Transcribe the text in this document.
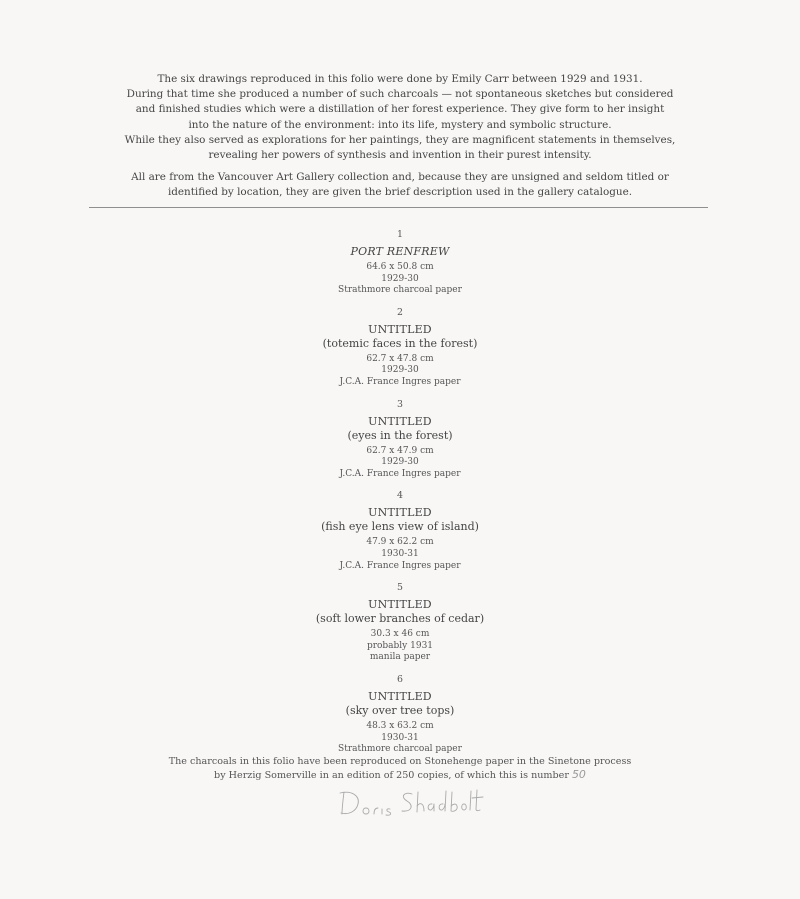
The six drawings reproduced in this folio were done by Emily Carr between 1929 and 1931.
During that time she produced a number of such charcoals — not spontaneous sketches but considered
and finished studies which were a distillation of her forest experience. They give form to her insight
into the nature of the environment: into its life, mystery and symbolic structure.
While they also served as explorations for her paintings, they are magnificent statements in themselves,
revealing her powers of synthesis and invention in their purest intensity.
All are from the Vancouver Art Gallery collection and, because they are unsigned and seldom titled or
identified by location, they are given the brief description used in the gallery catalogue.
1
PORT RENFREW
64.6 x 50.8 cm
1929-30
Strathmore charcoal paper
2
UNTITLED
(totemic faces in the forest)
62.7 x 47.8 cm
1929-30
J.C.A. France Ingres paper
3
UNTITLED
(eyes in the forest)
62.7 x 47.9 cm
1929-30
J.C.A. France Ingres paper
4
UNTITLED
(fish eye lens view of island)
47.9 x 62.2 cm
1930-31
J.C.A. France Ingres paper
5
UNTITLED
(soft lower branches of cedar)
30.3 x 46 cm
probably 1931
manila paper
6
UNTITLED
(sky over tree tops)
48.3 x 63.2 cm
1930-31
Strathmore charcoal paper
The charcoals in this folio have been reproduced on Stonehenge paper in the Sinetone process
by Herzig Somerville in an edition of 250 copies, of which this is number 50
